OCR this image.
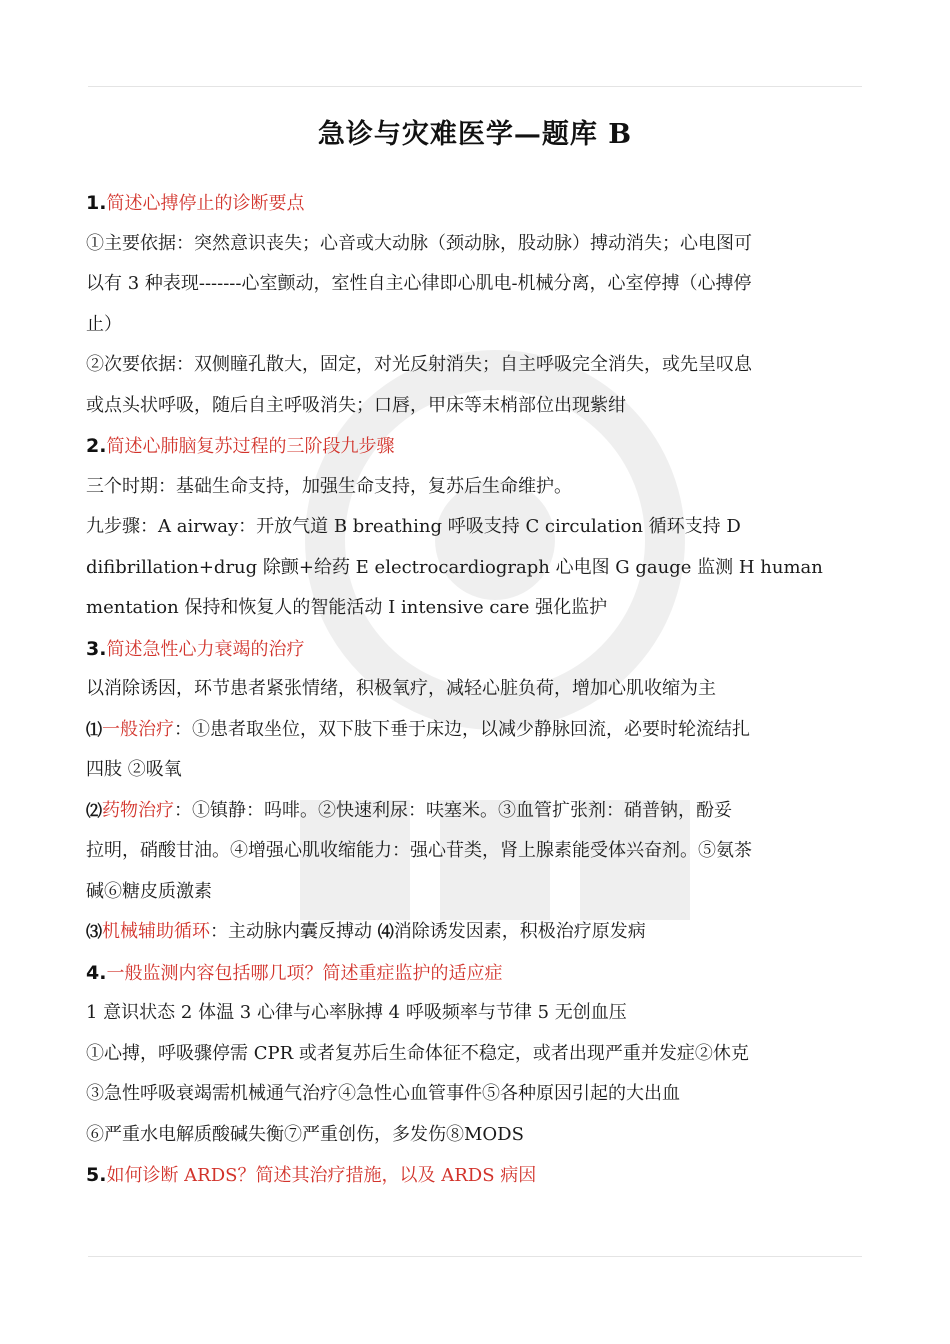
急诊与灾难医学—题库 B
1.简述心搏停止的诊断要点
①主要依据：突然意识丧失；心音或大动脉（颈动脉，股动脉）搏动消失；心电图可
以有 3 种表现-------心室颤动，室性自主心律即心肌电-机械分离，心室停搏（心搏停
止）
②次要依据：双侧瞳孔散大，固定，对光反射消失；自主呼吸完全消失，或先呈叹息
或点头状呼吸，随后自主呼吸消失；口唇，甲床等末梢部位出现紫绀
2.简述心肺脑复苏过程的三阶段九步骤
三个时期：基础生命支持，加强生命支持，复苏后生命维护。
九步骤：A airway：开放气道 B breathing 呼吸支持 C circulation 循环支持 D
difibrillation+drug 除颤+给药 E electrocardiograph 心电图 G gauge 监测 H human
mentation 保持和恢复人的智能活动 I intensive care 强化监护
3.简述急性心力衰竭的治疗
以消除诱因，环节患者紧张情绪，积极氧疗，减轻心脏负荷，增加心肌收缩为主
⑴一般治疗：①患者取坐位，双下肢下垂于床边，以减少静脉回流，必要时轮流结扎
四肢 ②吸氧
⑵药物治疗：①镇静：吗啡。②快速利尿：呋塞米。③血管扩张剂：硝普钠，酚妥
拉明，硝酸甘油。④增强心肌收缩能力：强心苷类，肾上腺素能受体兴奋剂。⑤氨茶
碱⑥糖皮质激素
⑶机械辅助循环：主动脉内囊反搏动 ⑷消除诱发因素，积极治疗原发病
4.一般监测内容包括哪几项？简述重症监护的适应症
1 意识状态 2 体温 3 心律与心率脉搏 4 呼吸频率与节律 5 无创血压
①心搏，呼吸骤停需 CPR 或者复苏后生命体征不稳定，或者出现严重并发症②休克
③急性呼吸衰竭需机械通气治疗④急性心血管事件⑤各种原因引起的大出血
⑥严重水电解质酸碱失衡⑦严重创伤，多发伤⑧MODS
5.如何诊断 ARDS？简述其治疗措施，以及 ARDS 病因
